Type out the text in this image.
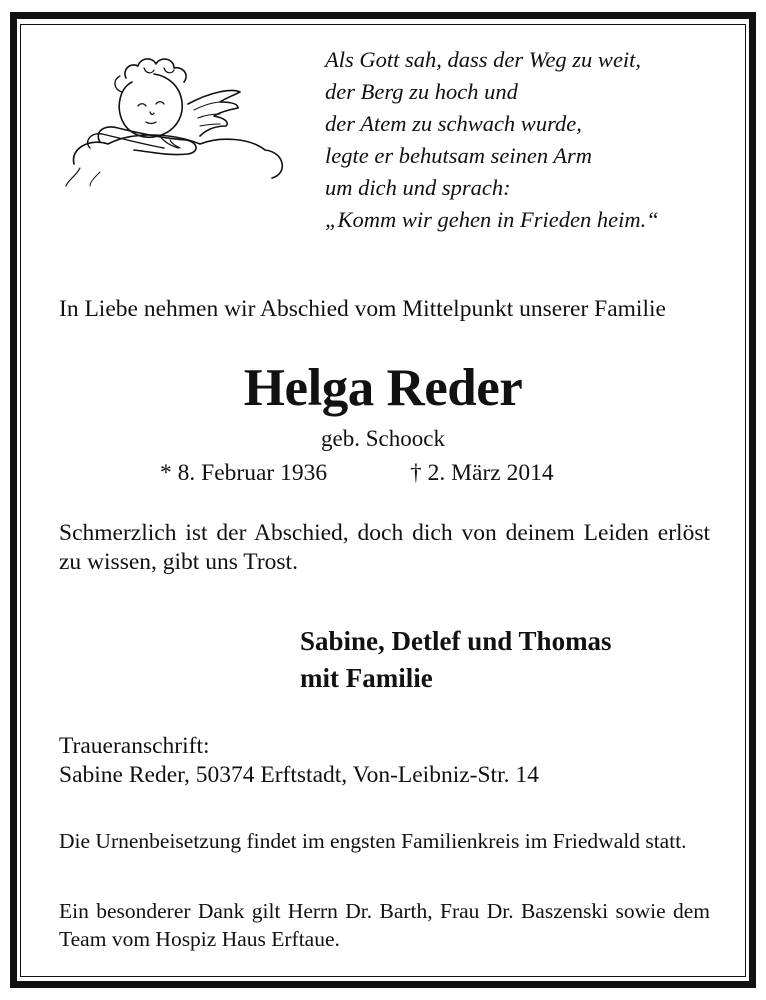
Als Gott sah, dass der Weg zu weit,
der Berg zu hoch und
der Atem zu schwach wurde,
legte er behutsam seinen Arm
um dich und sprach:
„Komm wir gehen in Frieden heim.“
In Liebe nehmen wir Abschied vom Mittelpunkt unserer Familie
Helga Reder
geb. Schoock
* 8. Februar 1936	† 2. März 2014
Schmerzlich ist der Abschied, doch dich von deinem Leiden erlöst zu wissen, gibt uns Trost.
Sabine, Detlef und Thomas
mit Familie
Traueranschrift:
Sabine Reder, 50374 Erftstadt, Von-Leibniz-Str. 14
Die Urnenbeisetzung findet im engsten Familienkreis im Friedwald statt.
Ein besonderer Dank gilt Herrn Dr. Barth, Frau Dr. Baszenski sowie dem Team vom Hospiz Haus Erftaue.
